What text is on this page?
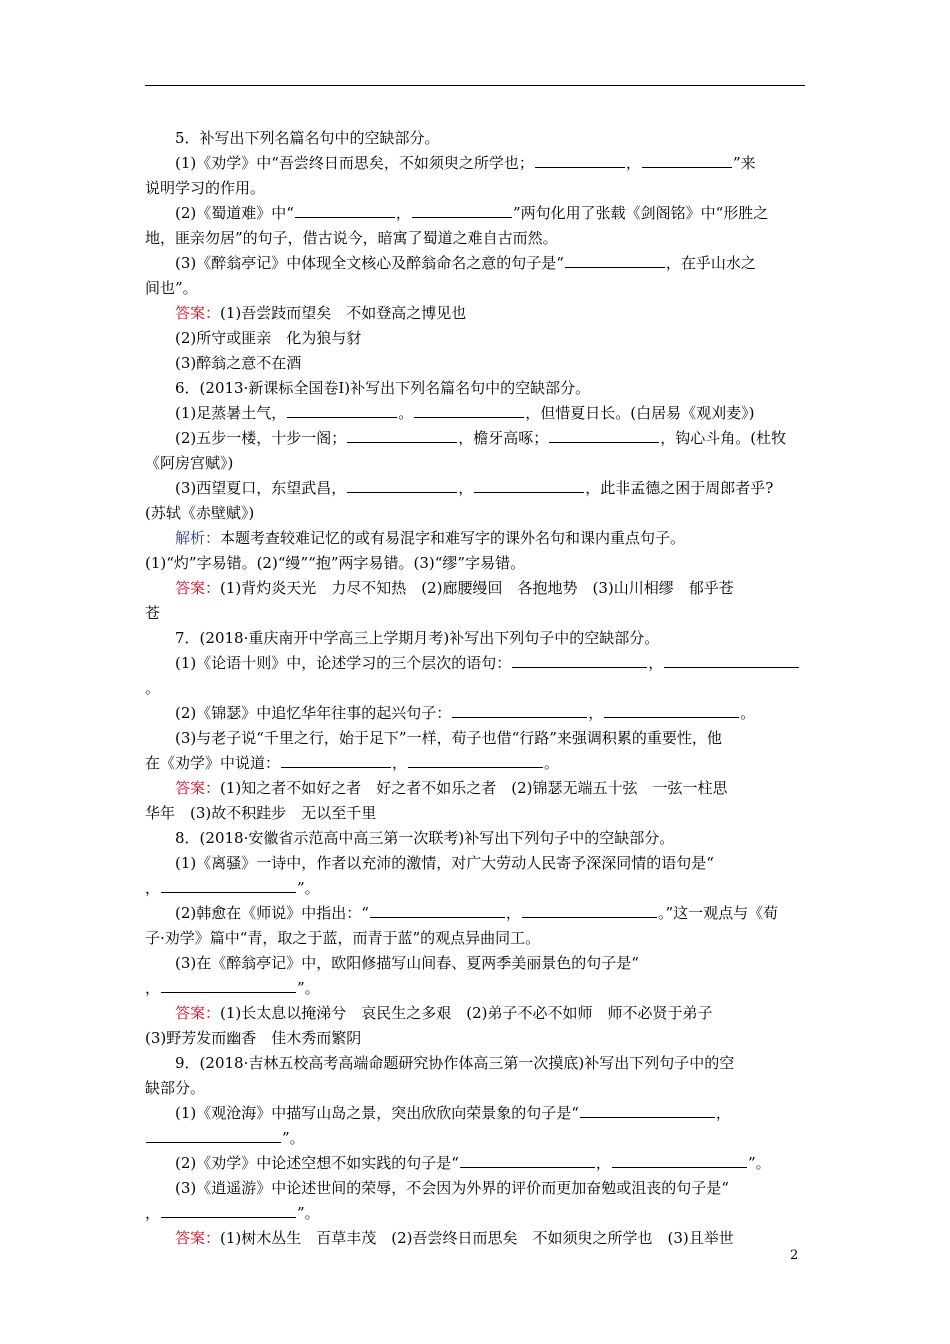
5．补写出下列名篇名句中的空缺部分。

(1)《劝学》中“吾尝终日而思矣，不如须臾之所学也；	，	”来

说明学习的作用。

(2)《蜀道难》中“	，	”两句化用了张载《剑阁铭》中“形胜之

地，匪亲勿居”的句子，借古说今，暗寓了蜀道之难自古而然。

(3)《醉翁亭记》中体现全文核心及醉翁命名之意的句子是“	，在乎山水之

间也”。

答案：(1)吾尝跂而望矣　不如登高之博见也

(2)所守或匪亲　化为狼与豺

(3)醉翁之意不在酒

6．(2013·新课标全国卷Ⅰ)补写出下列名篇名句中的空缺部分。

(1)足蒸暑土气，	。	，但惜夏日长。(白居易《观刈麦》)

(2)五步一楼，十步一阁；	，檐牙高啄；	，钩心斗角。(杜牧

《阿房宫赋》)

(3)西望夏口，东望武昌，	，	，此非孟德之困于周郎者乎?

(苏轼《赤壁赋》)

解析：本题考查较难记忆的或有易混字和难写字的课外名句和课内重点句子。

(1)“灼”字易错。(2)“缦”“抱”两字易错。(3)“缪”字易错。

答案：(1)背灼炎天光　力尽不知热　(2)廊腰缦回　各抱地势　(3)山川相缪　郁乎苍

苍

7．(2018·重庆南开中学高三上学期月考)补写出下列句子中的空缺部分。

(1)《论语十则》中，论述学习的三个层次的语句：	，。

(2)《锦瑟》中追忆华年往事的起兴句子：	，	。

(3)与老子说“千里之行，始于足下”一样，荀子也借“行路”来强调积累的重要性，他

在《劝学》中说道：	，	。

答案：(1)知之者不如好之者　好之者不如乐之者　(2)锦瑟无端五十弦　一弦一柱思

华年　(3)故不积跬步　无以至千里

8．(2018·安徽省示范高中高三第一次联考)补写出下列句子中的空缺部分。

(1)《离骚》一诗中，作者以充沛的激情，对广大劳动人民寄予深深同情的语句是“

，	”。

(2)韩愈在《师说》中指出：“	，	。”这一观点与《荀

子·劝学》篇中“青，取之于蓝，而青于蓝”的观点异曲同工。

(3)在《醉翁亭记》中，欧阳修描写山间春、夏两季美丽景色的句子是“

，	”。

答案：(1)长太息以掩涕兮　哀民生之多艰　(2)弟子不必不如师　师不必贤于弟子

(3)野芳发而幽香　佳木秀而繁阴

9．(2018·吉林五校高考高端命题研究协作体高三第一次摸底)补写出下列句子中的空

缺部分。

(1)《观沧海》中描写山岛之景，突出欣欣向荣景象的句子是“	，

”。

(2)《劝学》中论述空想不如实践的句子是“	，	”。

(3)《逍遥游》中论述世间的荣辱，不会因为外界的评价而更加奋勉或沮丧的句子是“

，	”。

答案：(1)树木丛生　百草丰茂　(2)吾尝终日而思矣　不如须臾之所学也　(3)且举世

2
